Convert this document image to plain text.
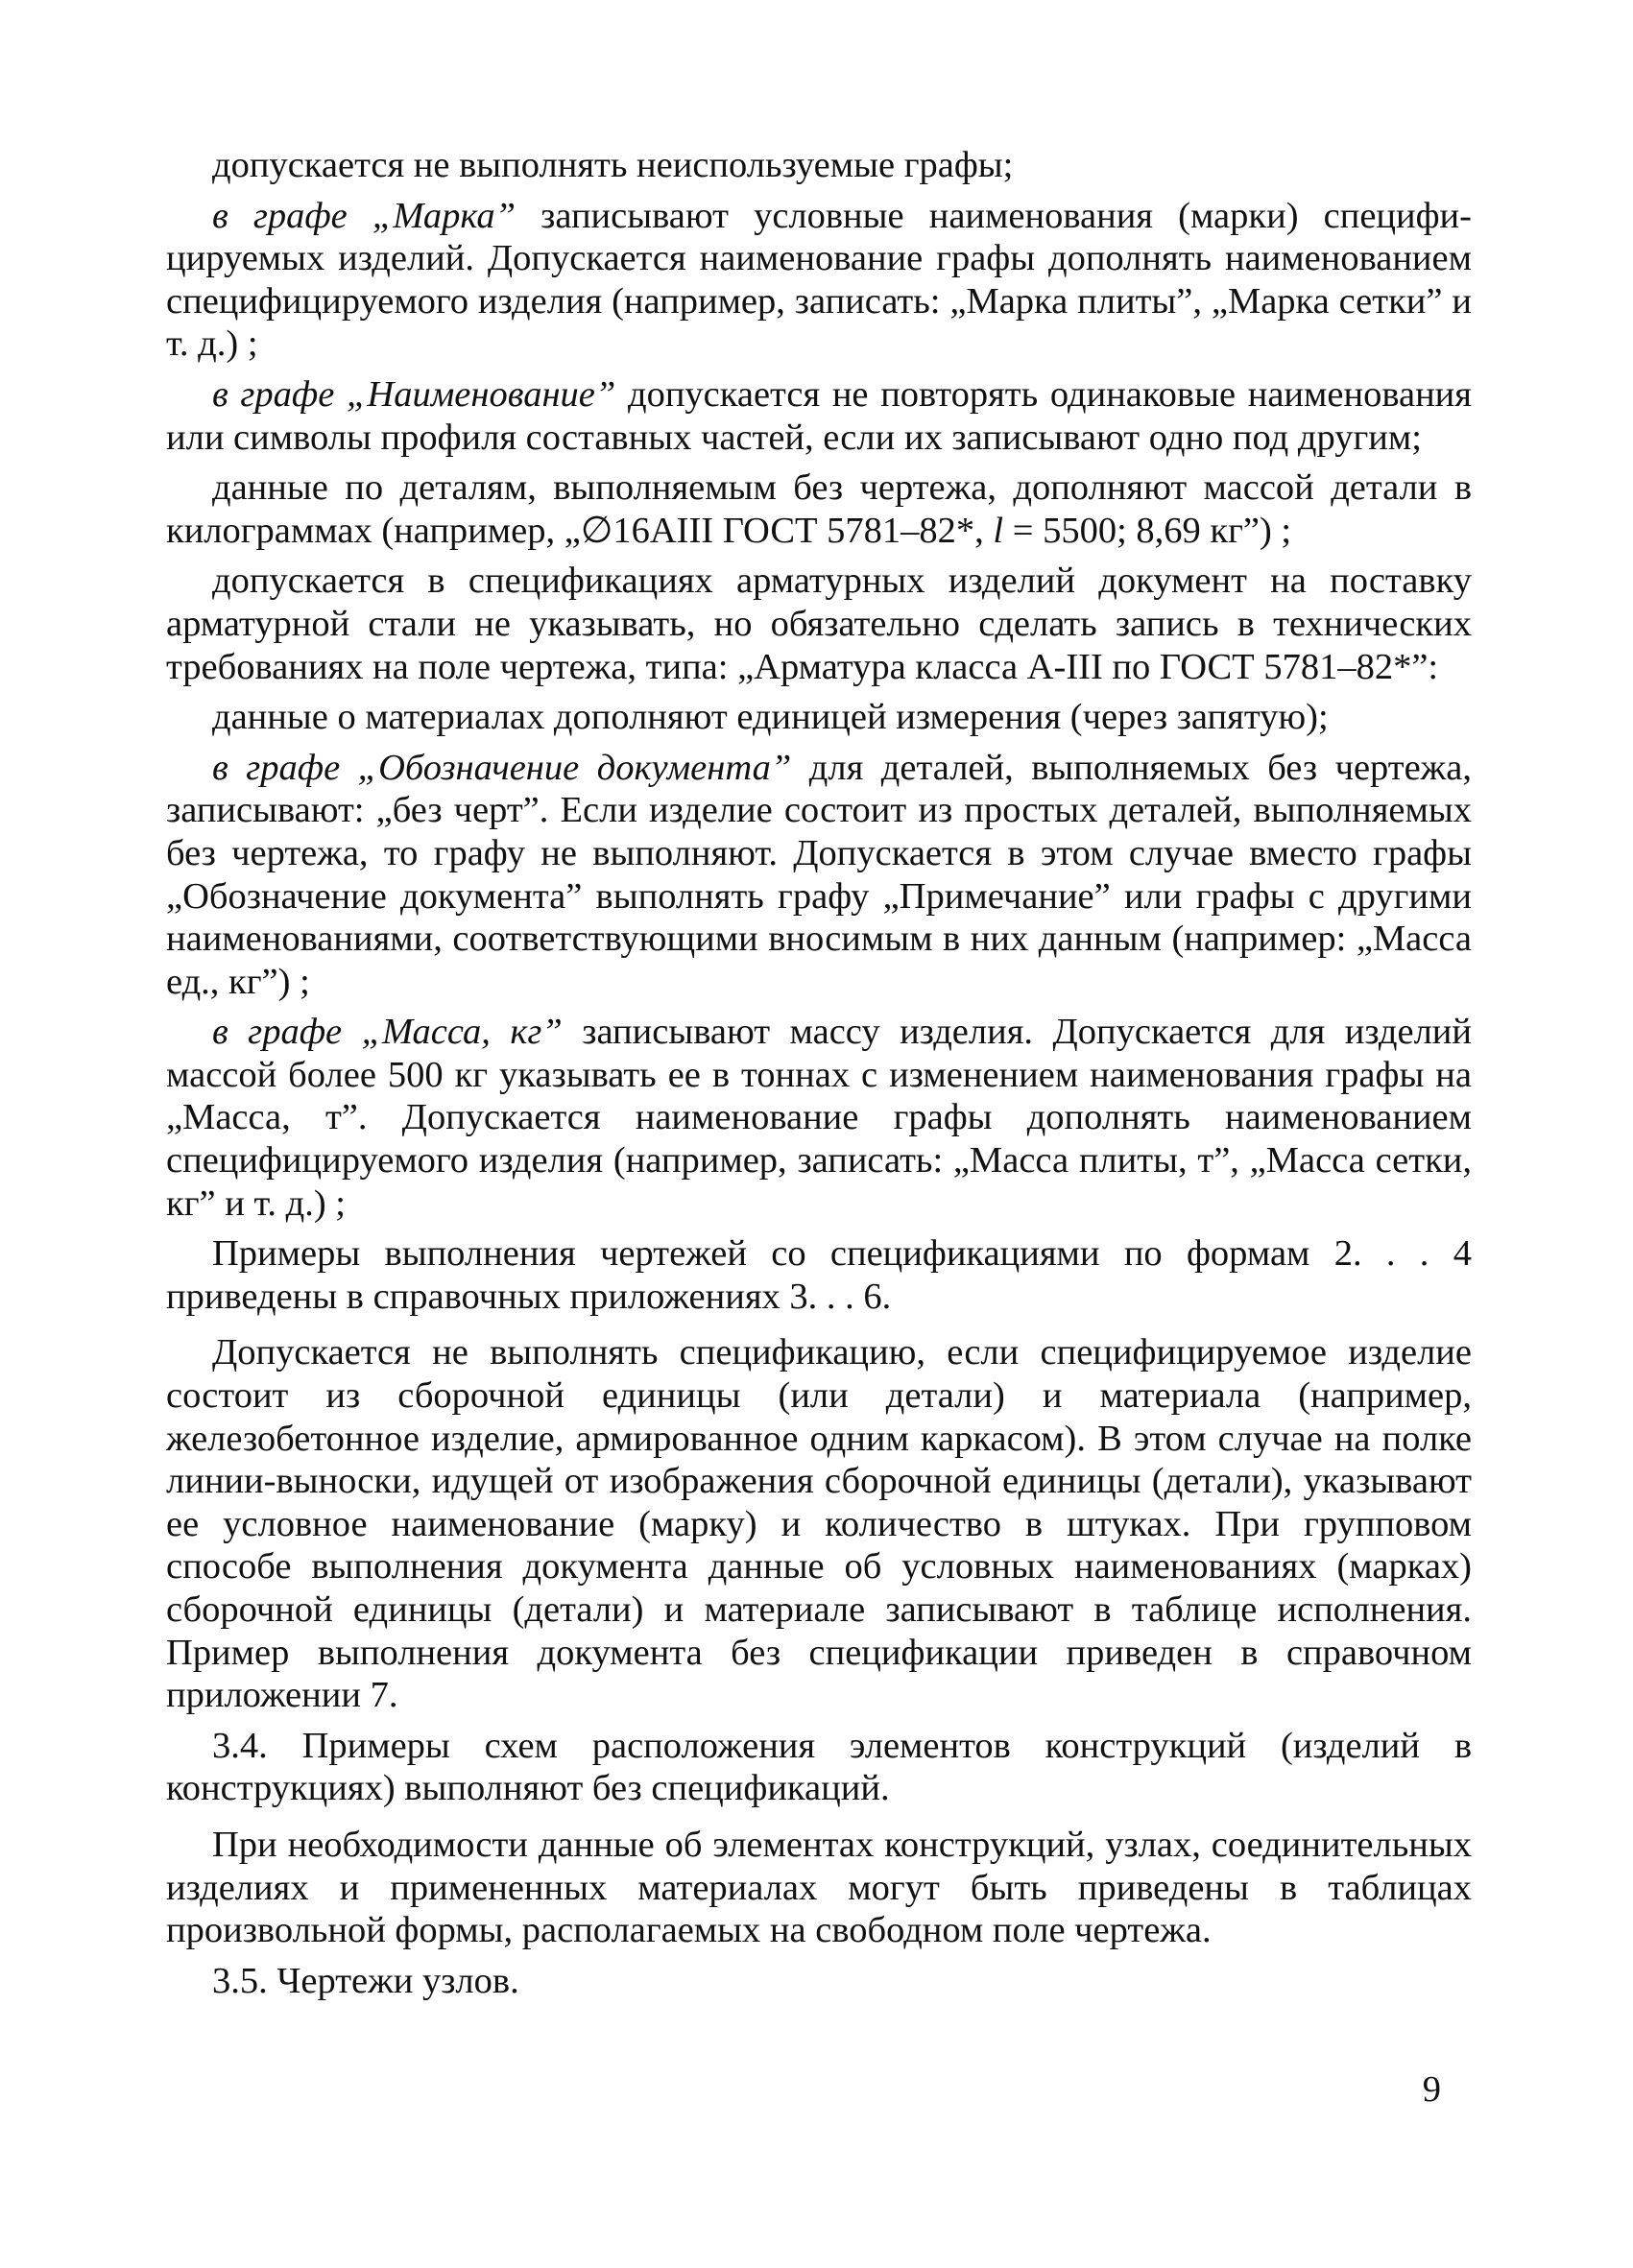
допускается не выполнять неиспользуемые графы;

в графе „Марка” записывают условные наименования (марки) специфицируемых изделий. Допускается наименование графы дополнять наименованием специфицируемого изделия (например, записать: „Марка плиты”, „Марка сетки” и т. д.) ;

в графе „Наименование” допускается не повторять одинаковые наименования или символы профиля составных частей, если их записывают одно под другим;

данные по деталям, выполняемым без чертежа, дополняют массой детали в килограммах (например, „∅16AIII ГОСТ 5781–82*, l = 5500; 8,69 кг”) ;

допускается в спецификациях арматурных изделий документ на поставку арматурной стали не указывать, но обязательно сделать запись в технических требованиях на поле чертежа, типа: „Арматура класса A-III по ГОСТ 5781–82*”:

данные о материалах дополняют единицей измерения (через запятую);

в графе „Обозначение документа” для деталей, выполняемых без чертежа, записывают: „без черт”. Если изделие состоит из простых деталей, выполняемых без чертежа, то графу не выполняют. Допускается в этом случае вместо графы „Обозначение документа” выполнять графу „Примечание” или графы с другими наименованиями, соответствующими вносимым в них данным (например: „Масса ед., кг”) ;

в графе „Масса, кг” записывают массу изделия. Допускается для изделий массой более 500 кг указывать ее в тоннах с изменением наименования графы на „Масса, т”. Допускается наименование графы дополнять наименованием специфицируемого изделия (например, записать: „Масса плиты, т”, „Масса сетки, кг” и т. д.) ;

Примеры выполнения чертежей со спецификациями по формам 2. . . 4 приведены в справочных приложениях 3. . . 6.

Допускается не выполнять спецификацию, если специфицируемое изделие состоит из сборочной единицы (или детали) и материала (например, железобетонное изделие, армированное одним каркасом). В этом случае на полке линии-выноски, идущей от изображения сборочной единицы (детали), указывают ее условное наименование (марку) и количество в штуках. При групповом способе выполнения документа данные об условных наименованиях (марках) сборочной единицы (детали) и материале записывают в таблице исполнения. Пример выполнения документа без спецификации приведен в справочном приложении 7.

3.4. Примеры схем расположения элементов конструкций (изделий в конструкциях) выполняют без спецификаций.

При необходимости данные об элементах конструкций, узлах, соединительных изделиях и примененных материалах могут быть приведены в таблицах произвольной формы, располагаемых на свободном поле чертежа.

3.5. Чертежи узлов.

9
